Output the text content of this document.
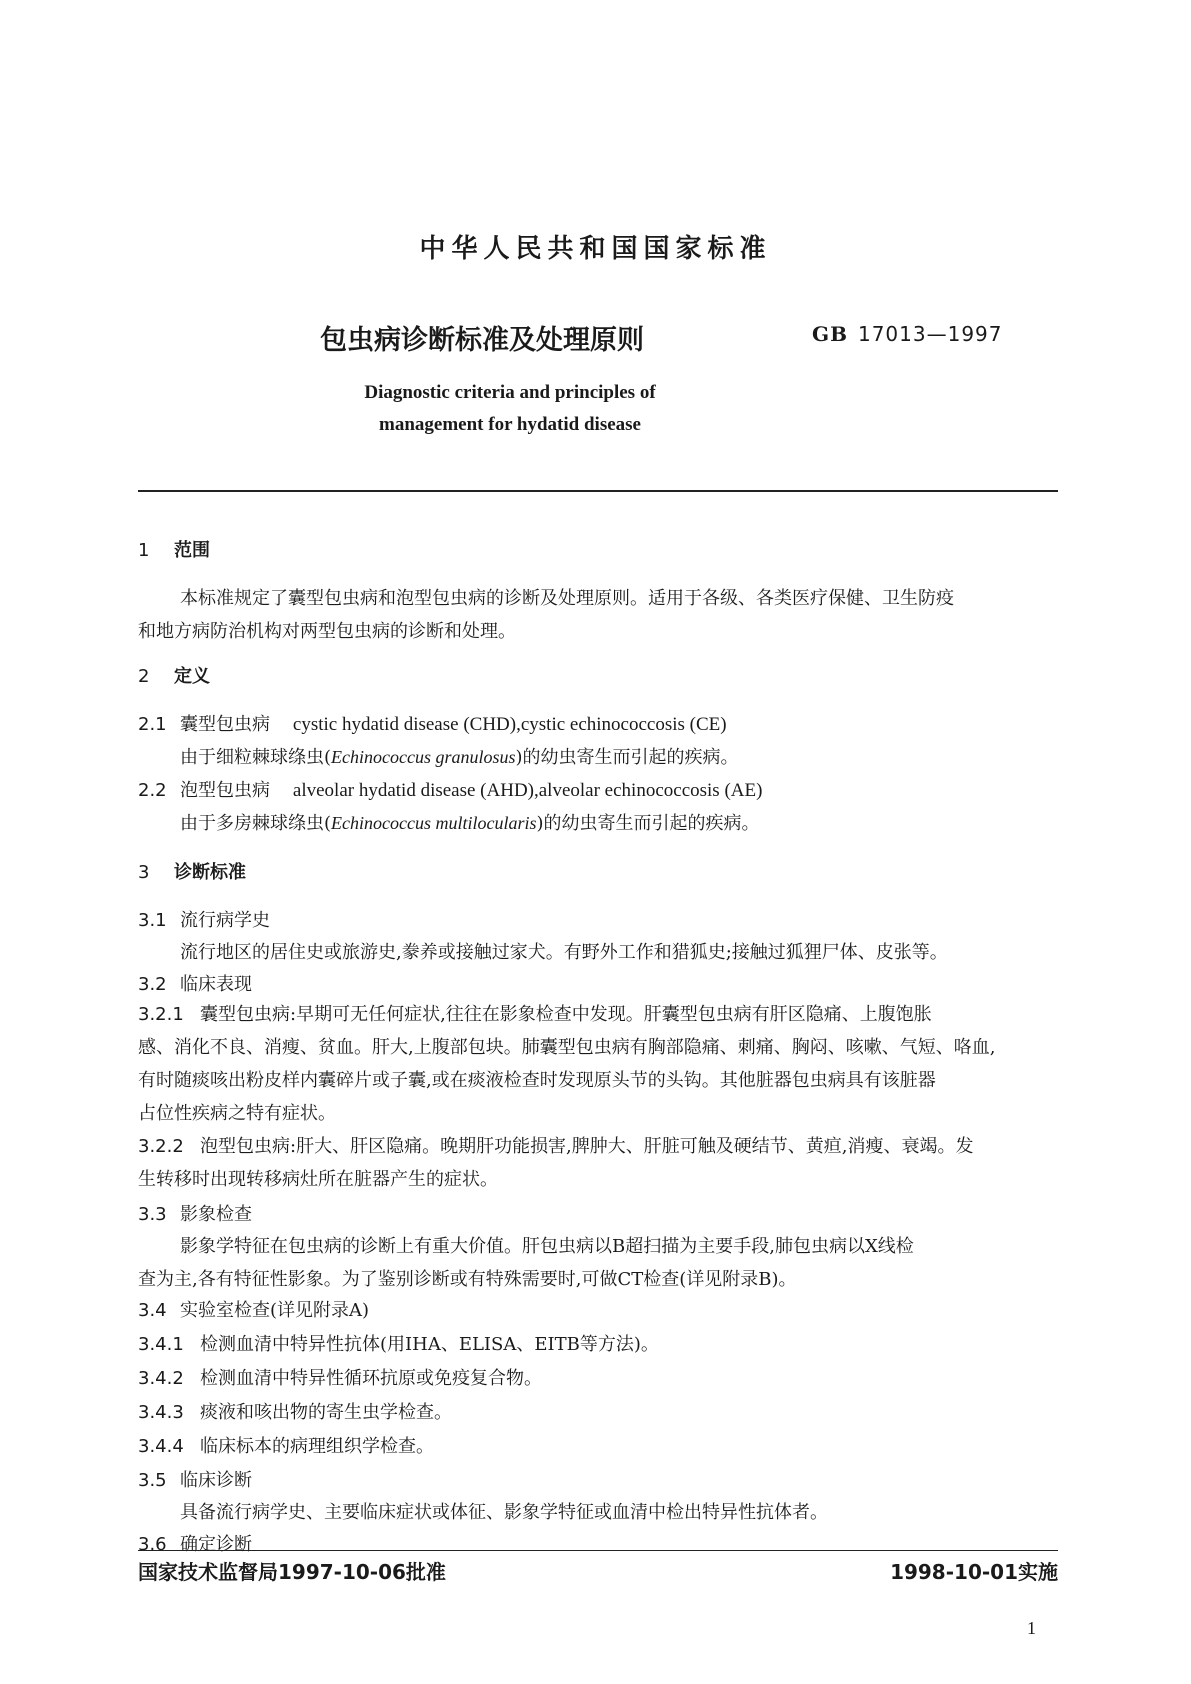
中华人民共和国国家标准
包虫病诊断标准及处理原则	GB 17013—1997
Diagnostic criteria and principles of
management for hydatid disease
1 范围
本标准规定了囊型包虫病和泡型包虫病的诊断及处理原则。适用于各级、各类医疗保健、卫生防疫
和地方病防治机构对两型包虫病的诊断和处理。
2 定义
2.1 囊型包虫病 cystic hydatid disease (CHD),cystic echinococcosis (CE)
由于细粒棘球绦虫(Echinococcus granulosus)的幼虫寄生而引起的疾病。
2.2 泡型包虫病 alveolar hydatid disease (AHD),alveolar echinococcosis (AE)
由于多房棘球绦虫(Echinococcus multilocularis)的幼虫寄生而引起的疾病。
3 诊断标准
3.1 流行病学史
流行地区的居住史或旅游史,豢养或接触过家犬。有野外工作和猎狐史;接触过狐狸尸体、皮张等。
3.2 临床表现
3.2.1 囊型包虫病:早期可无任何症状,往往在影象检查中发现。肝囊型包虫病有肝区隐痛、上腹饱胀
感、消化不良、消瘦、贫血。肝大,上腹部包块。肺囊型包虫病有胸部隐痛、刺痛、胸闷、咳嗽、气短、咯血,
有时随痰咳出粉皮样内囊碎片或子囊,或在痰液检查时发现原头节的头钩。其他脏器包虫病具有该脏器
占位性疾病之特有症状。
3.2.2 泡型包虫病:肝大、肝区隐痛。晚期肝功能损害,脾肿大、肝脏可触及硬结节、黄疸,消瘦、衰竭。发
生转移时出现转移病灶所在脏器产生的症状。
3.3 影象检查
影象学特征在包虫病的诊断上有重大价值。肝包虫病以B超扫描为主要手段,肺包虫病以X线检
查为主,各有特征性影象。为了鉴别诊断或有特殊需要时,可做CT检查(详见附录B)。
3.4 实验室检查(详见附录A)
3.4.1 检测血清中特异性抗体(用IHA、ELISA、EITB等方法)。
3.4.2 检测血清中特异性循环抗原或免疫复合物。
3.4.3 痰液和咳出物的寄生虫学检查。
3.4.4 临床标本的病理组织学检查。
3.5 临床诊断
具备流行病学史、主要临床症状或体征、影象学特征或血清中检出特异性抗体者。
3.6 确定诊断
国家技术监督局1997-10-06批准	1998-10-01实施
1
